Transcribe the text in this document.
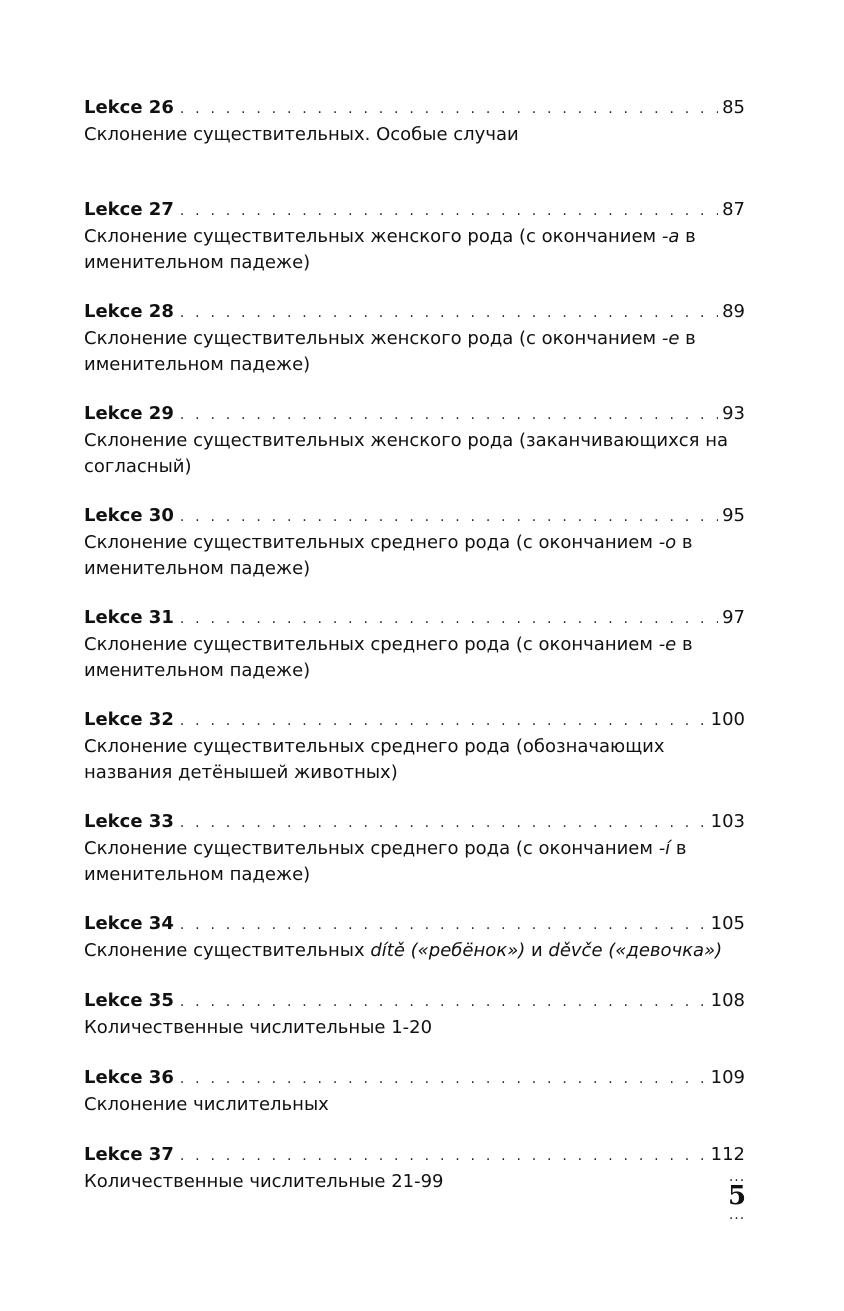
Lekce 26 . . .	85
Склонение существительных. Особые случаи
Lekce 27 . . .	87
Склонение существительных женского рода (с окончанием -a в именительном падеже)
Lekce 28 . . .	89
Склонение существительных женского рода (с окончанием -e в именительном падеже)
Lekce 29 . . .	93
Склонение существительных женского рода (заканчивающихся на согласный)
Lekce 30 . . .	95
Склонение существительных среднего рода (с окончанием -o в именительном падеже)
Lekce 31 . . .	97
Склонение существительных среднего рода (с окончанием -e в именительном падеже)
Lekce 32 . . .	100
Склонение существительных среднего рода (обозначающих названия детёнышей животных)
Lekce 33 . . .	103
Склонение существительных среднего рода (с окончанием -í в именительном падеже)
Lekce 34 . . .	105
Склонение существительных dítě («ребёнок») и děvče («девочка»)
Lekce 35 . . .	108
Количественные числительные 1-20
Lekce 36 . . .	109
Склонение числительных
Lekce 37 . . .	112
Количественные числительные 21-99	...
5
...
